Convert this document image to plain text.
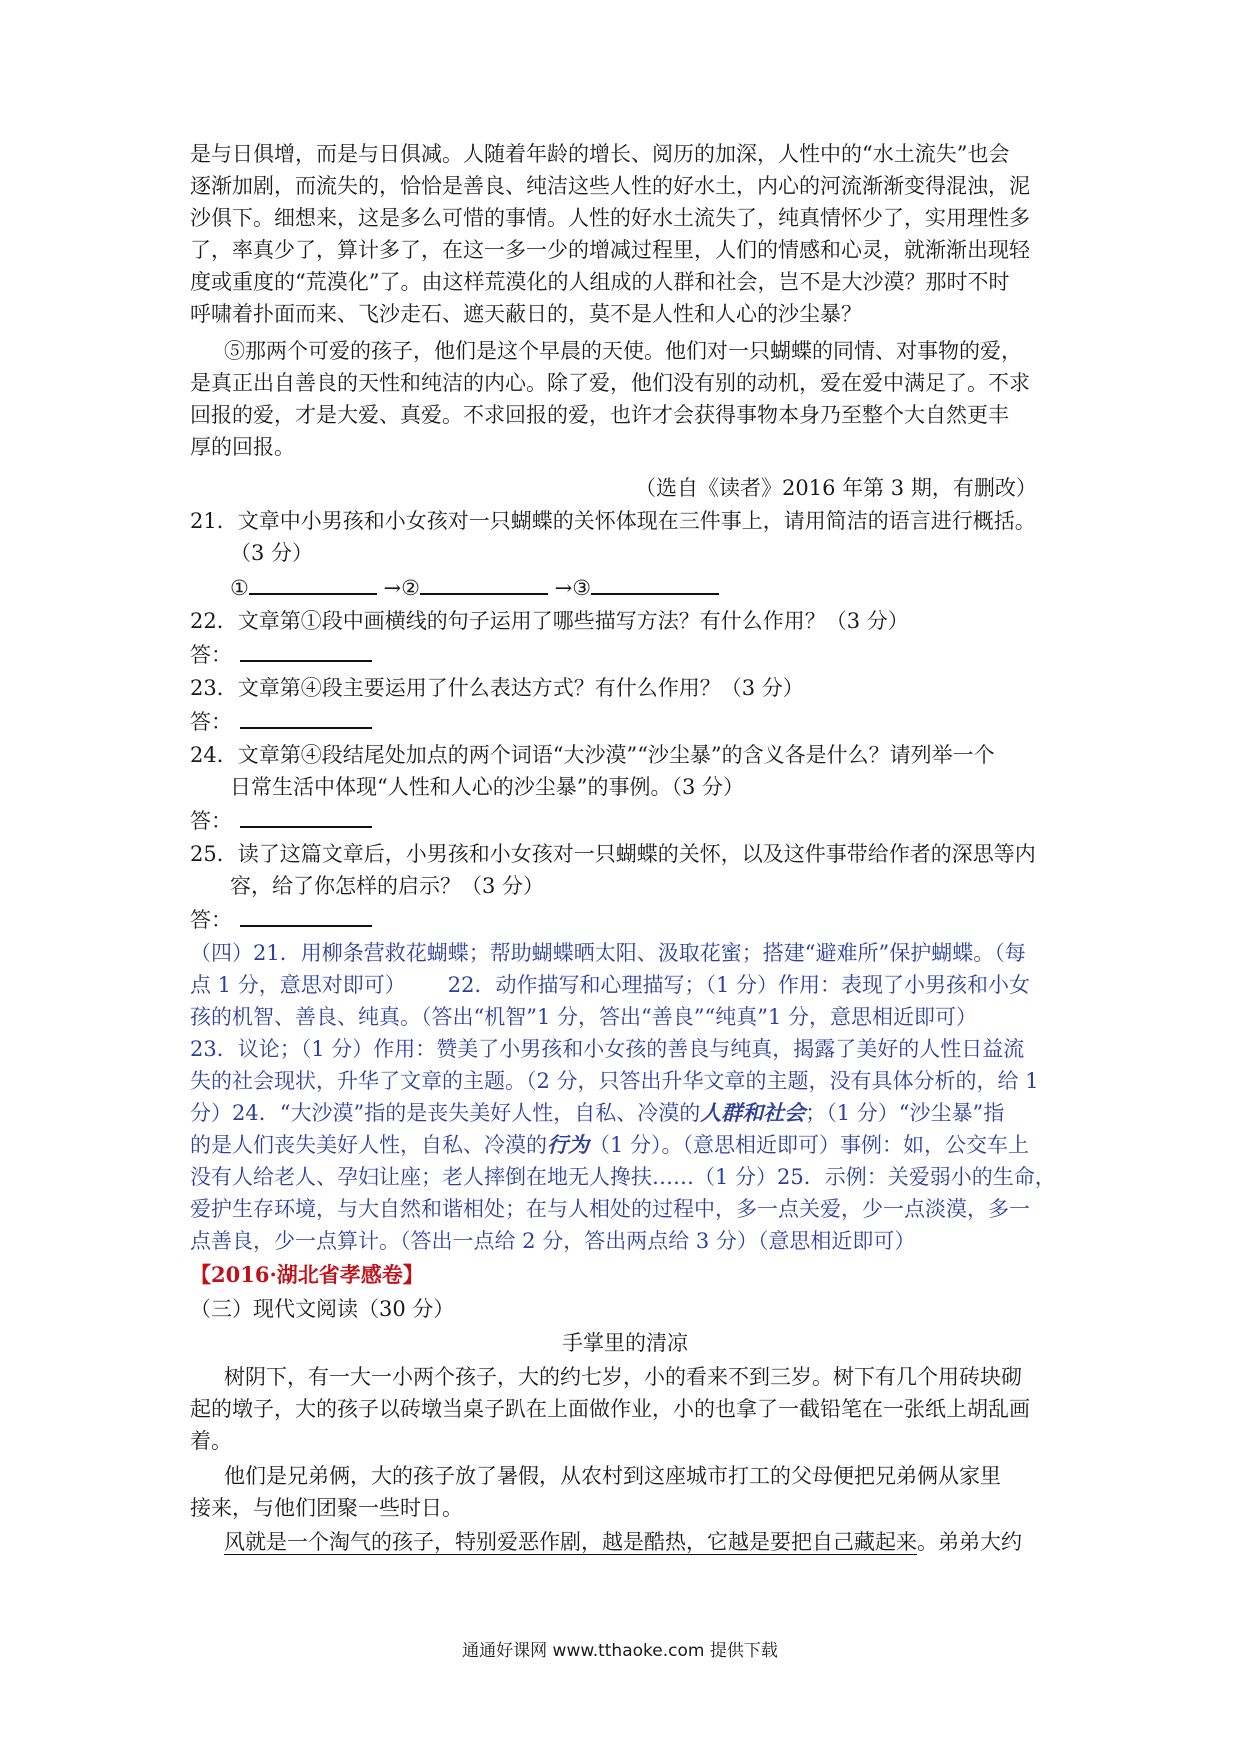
是与日俱增，而是与日俱减。人随着年龄的增长、阅历的加深，人性中的“水土流失”也会
逐渐加剧，而流失的，恰恰是善良、纯洁这些人性的好水土，内心的河流渐渐变得混浊，泥
沙俱下。细想来，这是多么可惜的事情。人性的好水土流失了，纯真情怀少了，实用理性多
了，率真少了，算计多了，在这一多一少的增减过程里，人们的情感和心灵，就渐渐出现轻
度或重度的“荒漠化”了。由这样荒漠化的人组成的人群和社会，岂不是大沙漠？那时不时
呼啸着扑面而来、飞沙走石、遮天蔽日的，莫不是人性和人心的沙尘暴？
⑤那两个可爱的孩子，他们是这个早晨的天使。他们对一只蝴蝶的同情、对事物的爱，
是真正出自善良的天性和纯洁的内心。除了爱，他们没有别的动机，爱在爱中满足了。不求
回报的爱，才是大爱、真爱。不求回报的爱，也许才会获得事物本身乃至整个大自然更丰
厚的回报。
（选自《读者》2016 年第 3 期，有删改）
21．文章中小男孩和小女孩对一只蝴蝶的关怀体现在三件事上，请用简洁的语言进行概括。
（3 分）
①	→②	→③
22．文章第①段中画横线的句子运用了哪些描写方法？有什么作用？（3 分）
答：
23．文章第④段主要运用了什么表达方式？有什么作用？（3 分）
答：
24．文章第④段结尾处加点的两个词语“大沙漠”“沙尘暴”的含义各是什么？请列举一个
日常生活中体现“人性和人心的沙尘暴”的事例。（3 分）
答：
25．读了这篇文章后，小男孩和小女孩对一只蝴蝶的关怀，以及这件事带给作者的深思等内
容，给了你怎样的启示？（3 分）
答：
（四）21．用柳条营救花蝴蝶；帮助蝴蝶晒太阳、汲取花蜜；搭建“避难所”保护蝴蝶。（每
点 1 分，意思对即可） 22．动作描写和心理描写；（1 分）作用：表现了小男孩和小女
孩的机智、善良、纯真。（答出“机智”1 分，答出“善良”“纯真”1 分，意思相近即可）
23．议论；（1 分）作用：赞美了小男孩和小女孩的善良与纯真，揭露了美好的人性日益流
失的社会现状，升华了文章的主题。（2 分，只答出升华文章的主题，没有具体分析的，给 1
分）24．“大沙漠”指的是丧失美好人性，自私、冷漠的人群和社会；（1 分）“沙尘暴”指
的是人们丧失美好人性，自私、冷漠的行为（1 分）。（意思相近即可）事例：如，公交车上
没有人给老人、孕妇让座；老人摔倒在地无人搀扶……（1 分）25．示例：关爱弱小的生命，
爱护生存环境，与大自然和谐相处；在与人相处的过程中，多一点关爱，少一点淡漠，多一
点善良，少一点算计。（答出一点给 2 分，答出两点给 3 分）（意思相近即可）
【2016·湖北省孝感卷】
（三）现代文阅读（30 分）
手掌里的清凉
树阴下，有一大一小两个孩子，大的约七岁，小的看来不到三岁。树下有几个用砖块砌
起的墩子，大的孩子以砖墩当桌子趴在上面做作业，小的也拿了一截铅笔在一张纸上胡乱画
着。
他们是兄弟俩，大的孩子放了暑假，从农村到这座城市打工的父母便把兄弟俩从家里
接来，与他们团聚一些时日。
风就是一个淘气的孩子，特别爱恶作剧，越是酷热，它越是要把自己藏起来。弟弟大约
通通好课网 www.tthaoke.com 提供下载
